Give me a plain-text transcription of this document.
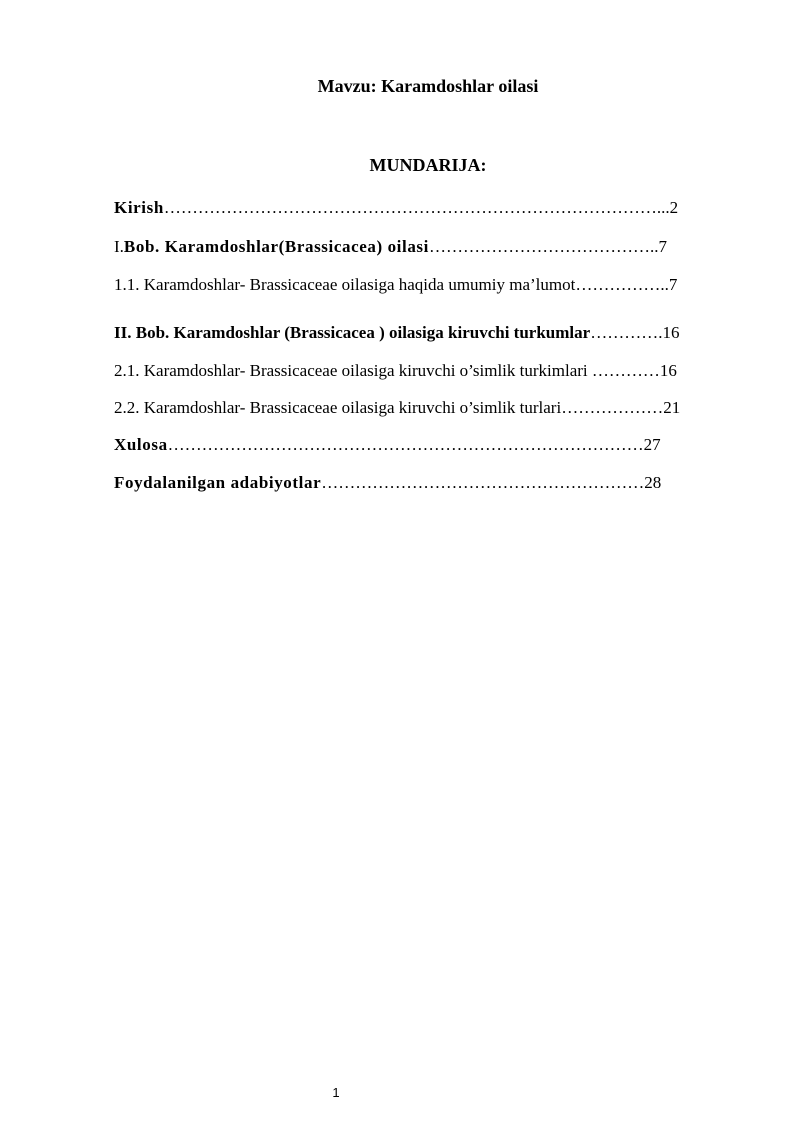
Mavzu: Karamdoshlar oilasi
MUNDARIJA:
Kirish……………………………………………………………………………...2
I.Bob. Karamdoshlar(Brassicacea) oilasi…………………………………..7
1.1. Karamdoshlar- Brassicaceae oilasiga haqida umumiy ma’lumot……………..7
II. Bob. Karamdoshlar (Brassicacea ) oilasiga kiruvchi turkumlar………….16
2.1. Karamdoshlar- Brassicaceae oilasiga kiruvchi o’simlik turkimlari …………16
2.2. Karamdoshlar- Brassicaceae oilasiga kiruvchi o’simlik turlari………………21
Xulosa…………………………………………………………………………27
Foydalanilgan adabiyotlar…………………………………………………28
1
